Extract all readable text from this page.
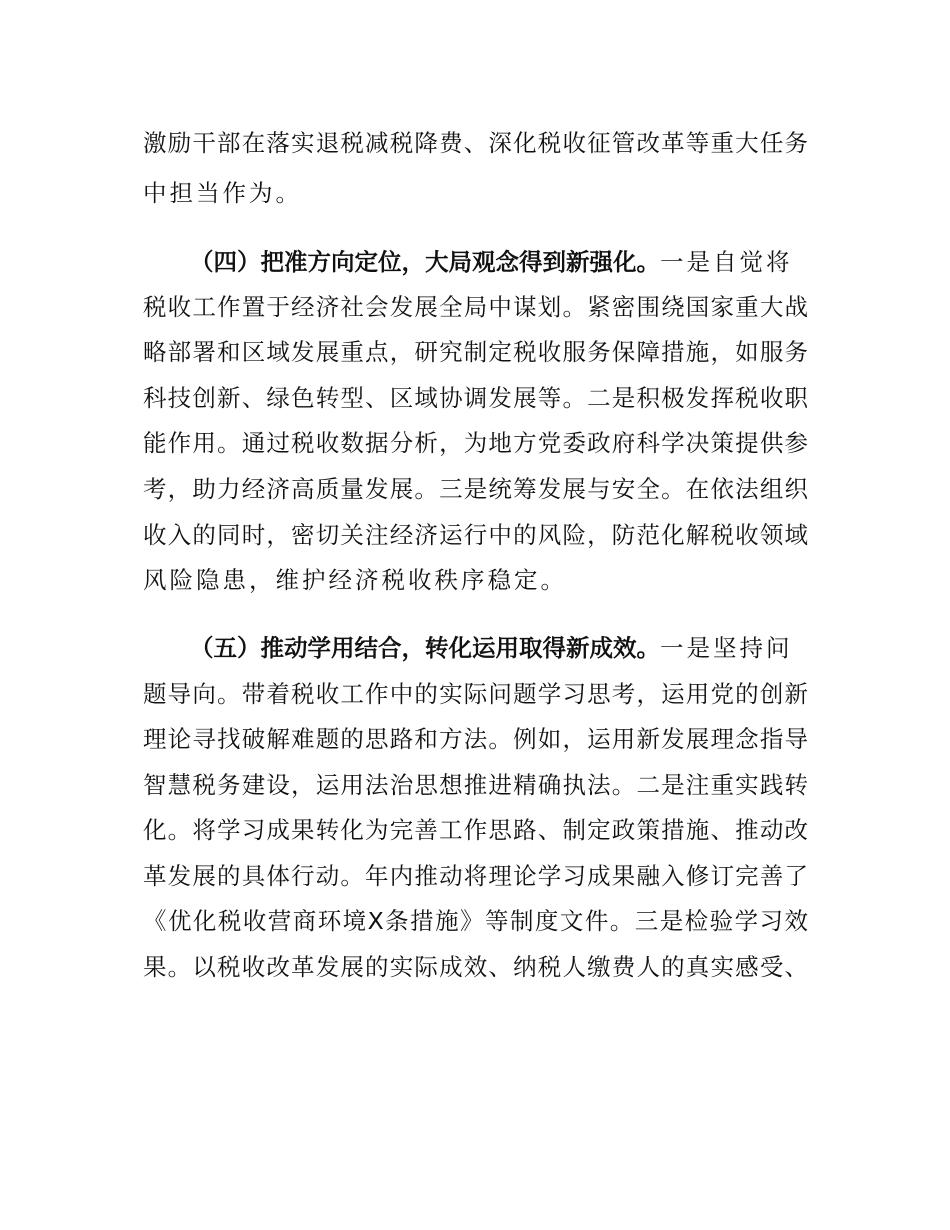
激励干部在落实退税减税降费、深化税收征管改革等重大任务
中担当作为。
（四）把准方向定位，大局观念得到新强化。一是自觉将
税收工作置于经济社会发展全局中谋划。紧密围绕国家重大战
略部署和区域发展重点，研究制定税收服务保障措施，如服务
科技创新、绿色转型、区域协调发展等。二是积极发挥税收职
能作用。通过税收数据分析，为地方党委政府科学决策提供参
考，助力经济高质量发展。三是统筹发展与安全。在依法组织
收入的同时，密切关注经济运行中的风险，防范化解税收领域
风险隐患，维护经济税收秩序稳定。
（五）推动学用结合，转化运用取得新成效。一是坚持问
题导向。带着税收工作中的实际问题学习思考，运用党的创新
理论寻找破解难题的思路和方法。例如，运用新发展理念指导
智慧税务建设，运用法治思想推进精确执法。二是注重实践转
化。将学习成果转化为完善工作思路、制定政策措施、推动改
革发展的具体行动。年内推动将理论学习成果融入修订完善了
《优化税收营商环境X条措施》等制度文件。三是检验学习效
果。以税收改革发展的实际成效、纳税人缴费人的真实感受、
